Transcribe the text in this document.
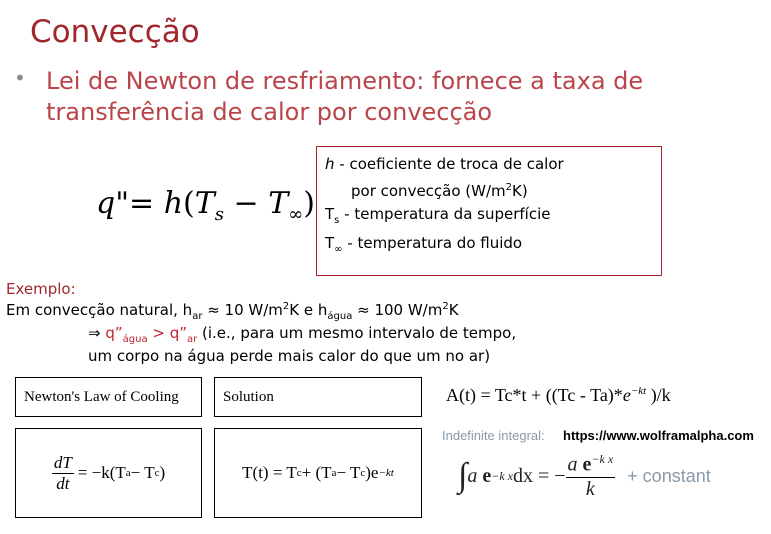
Convecção
• Lei de Newton de resfriamento: fornece a taxa de
transferência de calor por convecção
q"= $h(T_s - T_\infty)$
h - coeficiente de troca de calor
por convecção $(W/m^2K)$
$T_s$ - temperatura da superfície
$T_\infty$ - temperatura do fluido
Exemplo:
Em convecção natural, $h_{ar} \approx 10$ $W/m^2K$ e $h_{água} \approx 100$ $W/m^2K$
⇒ $q”_{água}$ > $q”_{ar}$ (i.e., para um mesmo intervalo de tempo,
um corpo na água perde mais calor do que um no ar)
Newton's Law of Cooling	Solution
$\frac{dT}{dt} = -k(T$ a − T c )	T(t) = T c + (T a − T c )e −kt
$A(t) = Tc*t + ((Tc - Ta)*e^{-kt}$ )/k
Indefinite integral: https://www.wolframalpha.com
∫ a
e −k x dx = − $\frac{a e^{-k x}}{k}$ + constant
